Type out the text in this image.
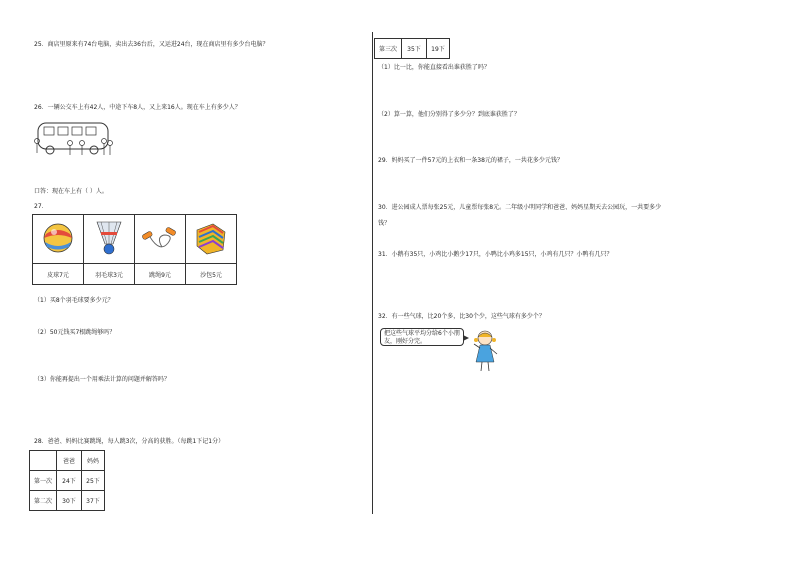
25．商店里原来有74台电脑，卖出去36台后，又运进24台，现在商店里有多少台电脑？
26．一辆公交车上有42人，中途下车8人，又上来16人。现在车上有多少人？
口答：现在车上有（ ）人。
27．

皮球7元	羽毛球3元	跳绳9元	沙包5元
（1）买8个羽毛球要多少元？
（2）50元钱买7根跳绳够吗？
（3）你能再提出一个用乘法计算的问题并解答吗？
28．爸爸、妈妈比赛跳绳，每人跳3次，分高的获胜。（每跳1下记1分）
	爸爸	妈妈
第一次	24下	25下
第二次	30下	37下
第三次	35下	19下
（1）比一比，你能直接看出谁获胜了吗？
（2）算一算，他们分别得了多少分？到底谁获胜了？
29．妈妈买了一件57元的上衣和一条38元的裙子，一共花多少元钱？
30．进公园成人票每张25元，儿童票每张8元。二年级小明同学和爸爸、妈妈星期天去公园玩，一共要多少
钱？
31．小鹅有35只，小鸡比小鹅少17只，小鸭比小鸡多15只，小鸡有几只？小鸭有几只？
32．有一些气球，比20个多，比30个少，这些气球有多少个？
把这些气球平均分给6个小朋友，刚好分完。
